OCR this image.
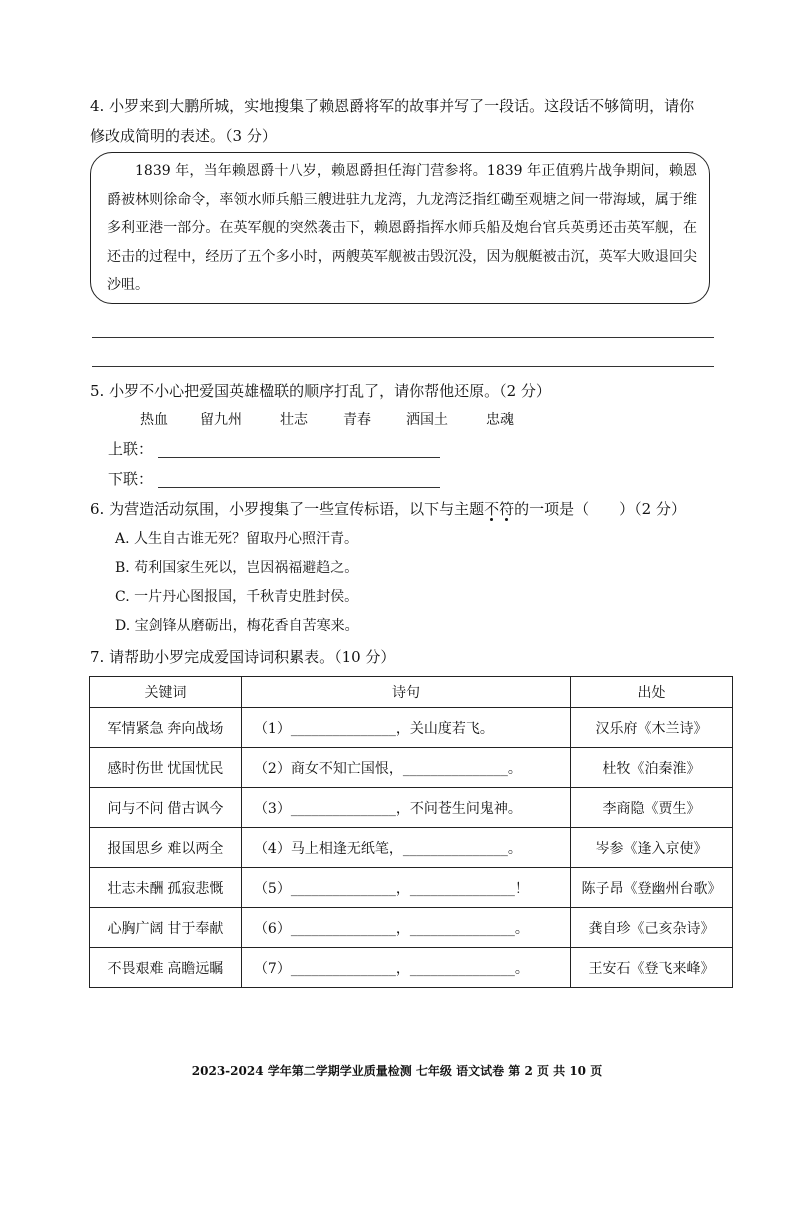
4. 小罗来到大鹏所城，实地搜集了赖恩爵将军的故事并写了一段话。这段话不够简明，请你
修改成简明的表述。（3 分）

1839 年，当年赖恩爵十八岁，赖恩爵担任海门营参将。1839 年正值鸦片战争期间，赖恩爵被林则徐命令，率领水师兵船三艘进驻九龙湾，九龙湾泛指红磡至观塘之间一带海域，属于维多利亚港一部分。在英军舰的突然袭击下，赖恩爵指挥水师兵船及炮台官兵英勇还击英军舰，在还击的过程中，经历了五个多小时，两艘英军舰被击毁沉没，因为舰艇被击沉，英军大败退回尖沙咀。

5. 小罗不小心把爱国英雄楹联的顺序打乱了，请你帮他还原。（2 分）
热血 留九州	壮志	青春	洒国土	忠魂
上联：
下联：
6. 为营造活动氛围，小罗搜集了一些宣传标语，以下与主题不符的一项是（　　）（2 分）
A. 人生自古谁无死？留取丹心照汗青。
B. 苟利国家生死以，岂因祸福避趋之。
C. 一片丹心图报国，千秋青史胜封侯。
D. 宝剑锋从磨砺出，梅花香自苦寒来。
7. 请帮助小罗完成爱国诗词积累表。（10 分）
关键词	诗句	出处
军情紧急 奔向战场	（1）_______________，关山度若飞。	汉乐府《木兰诗》
感时伤世 忧国忧民	（2）商女不知亡国恨，_______________。	杜牧《泊秦淮》
问与不问 借古讽今	（3）_______________，不问苍生问鬼神。	李商隐《贾生》
报国思乡 难以两全	（4）马上相逢无纸笔，_______________。	岑参《逢入京使》
壮志未酬 孤寂悲慨	（5）_______________，_______________！	陈子昂《登幽州台歌》
心胸广阔 甘于奉献	（6）_______________，_______________。	龚自珍《己亥杂诗》
不畏艰难 高瞻远瞩	（7）_______________，_______________。	王安石《登飞来峰》
2023-2024 学年第二学期学业质量检测 七年级 语文试卷 第 2 页 共 10 页
